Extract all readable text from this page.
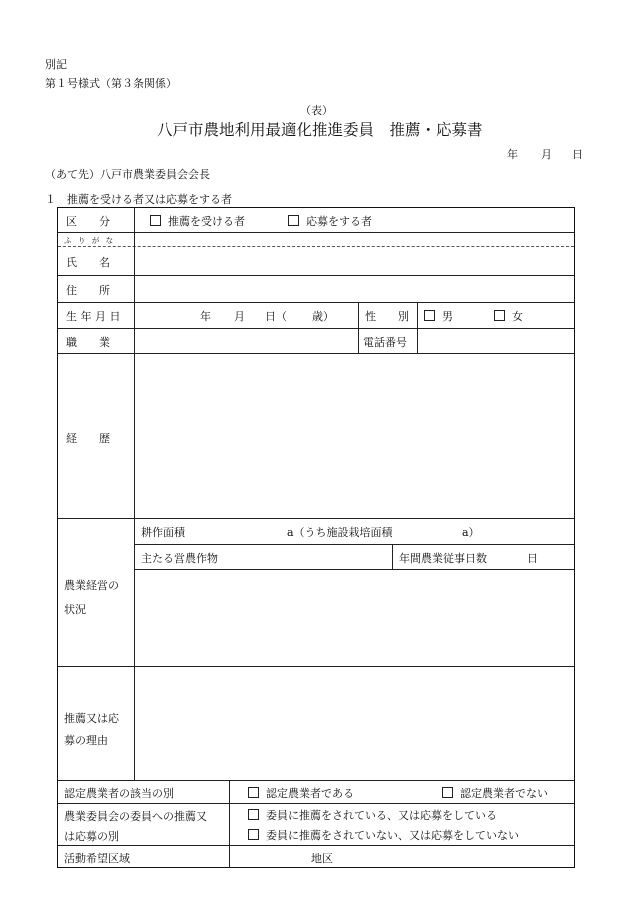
別記
第１号様式（第３条関係）
（表）
八戸市農地利用最適化推進委員　推薦・応募書
年 月 日
（あて先）八戸市農業委員会会長
１　推薦を受ける者又は応募をする者
区　　分	推薦を受ける者	応募をする者
ふ り が な
氏　　名
住　　所
生 年 月 日	年 月 日（ 歳）	性　　別	男	女
職　　業	電話番号
経　　歴
農業経営の
状況
耕作面積	a（うち施設栽培面積	a）
主たる営農作物	年間農業従事日数	日
推薦又は応
募の理由
認定農業者の該当の別	認定農業者である	認定農業者でない
農業委員会の委員への推薦又
は応募の別
委員に推薦をされている、又は応募をしている
委員に推薦をされていない、又は応募をしていない
活動希望区域	地区
